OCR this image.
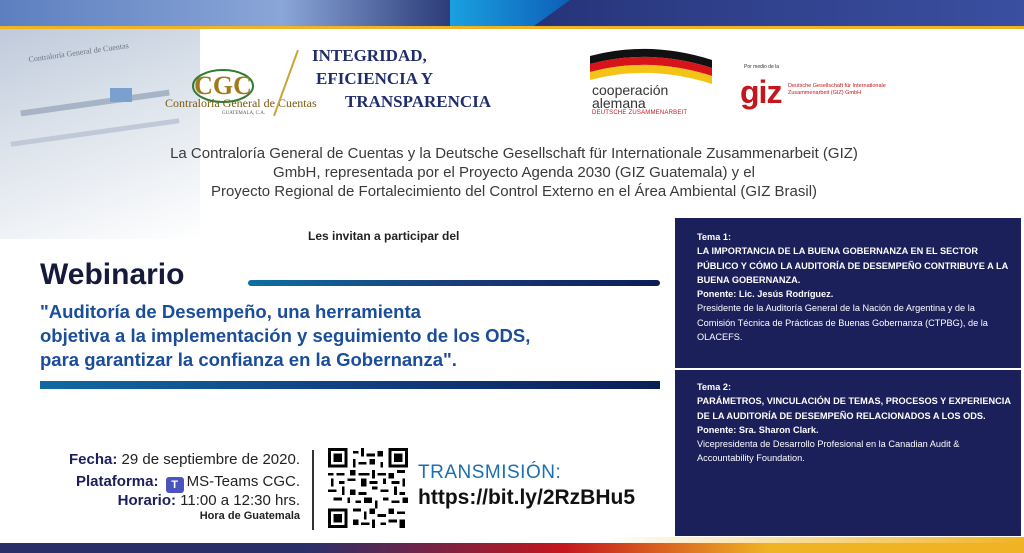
Contraloría General de Cuentas
CGC
Contraloría General de Cuentas
GUATEMALA, C.A.
INTEGRIDAD,
EFICIENCIA Y
TRANSPARENCIA
cooperación
alemana
DEUTSCHE ZUSAMMENARBEIT
Por medio de la
giz Deutsche Gesellschaft für Internationale Zusammenarbeit (GIZ) GmbH
La Contraloría General de Cuentas y la Deutsche Gesellschaft für Internationale Zusammenarbeit (GIZ)
GmbH, representada por el Proyecto Agenda 2030 (GIZ Guatemala) y el
Proyecto Regional de Fortalecimiento del Control Externo en el Área Ambiental (GIZ Brasil)
Les invitan a participar del
Webinario
"Auditoría de Desempeño, una herramienta
objetiva a la implementación y seguimiento de los ODS,
para garantizar la confianza en la Gobernanza".
Tema 1:
LA IMPORTANCIA DE LA BUENA GOBERNANZA EN EL SECTOR PÚBLICO Y CÓMO LA AUDITORÍA DE DESEMPEÑO CONTRIBUYE A LA BUENA GOBERNANZA.
Ponente: Lic. Jesús Rodríguez.
Presidente de la Auditoría General de la Nación de Argentina y de la Comisión Técnica de Prácticas de Buenas Gobernanza (CTPBG), de la OLACEFS.
Tema 2:
PARÁMETROS, VINCULACIÓN DE TEMAS, PROCESOS Y EXPERIENCIA DE LA AUDITORÍA DE DESEMPEÑO RELACIONADOS A LOS ODS.
Ponente: Sra. Sharon Clark.
Vicepresidenta de Desarrollo Profesional en la Canadian Audit & Accountability Foundation.
Fecha: 29 de septiembre de 2020.
Plataforma: T MS-Teams CGC.
Horario: 11:00 a 12:30 hrs.
Hora de Guatemala
TRANSMISIÓN:
https://bit.ly/2RzBHu5
